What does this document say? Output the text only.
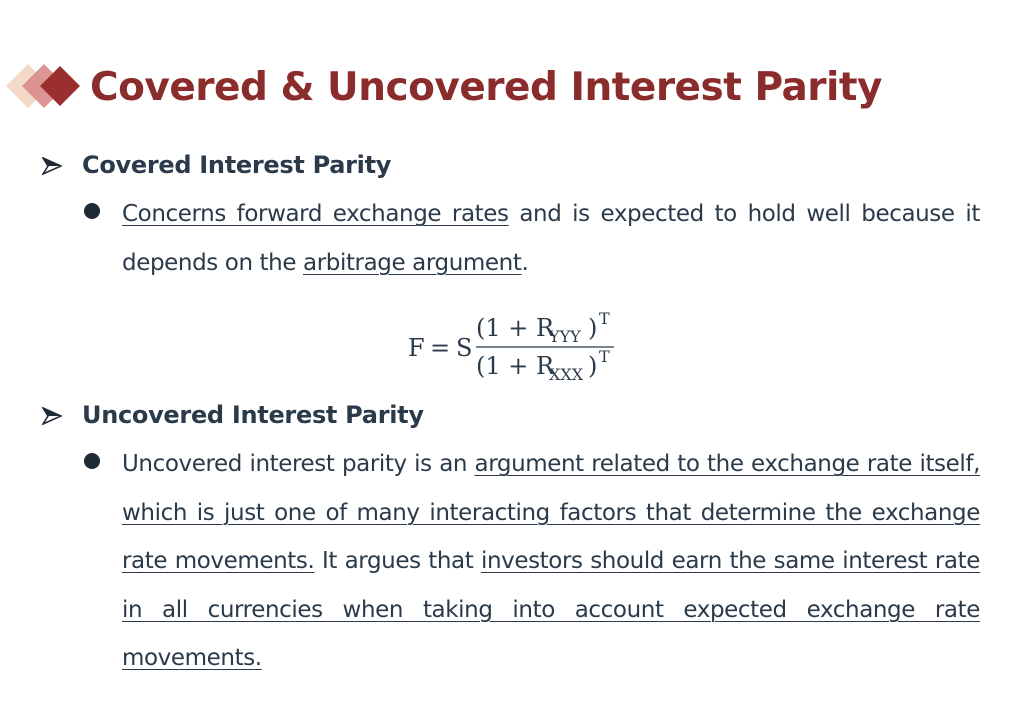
Covered & Uncovered Interest Parity
Covered Interest Parity

Concerns forward exchange rates and is expected to hold well because it depends on the arbitrage argument.

F = S
(1 + R
YYY ) T
(1 + R
XXX ) T
Uncovered Interest Parity

Uncovered interest parity is an argument related to the exchange rate itself, which is just one of many interacting factors that determine the exchange rate movements. It argues that investors should earn the same interest rate in all currencies when taking into account expected exchange rate movements.
